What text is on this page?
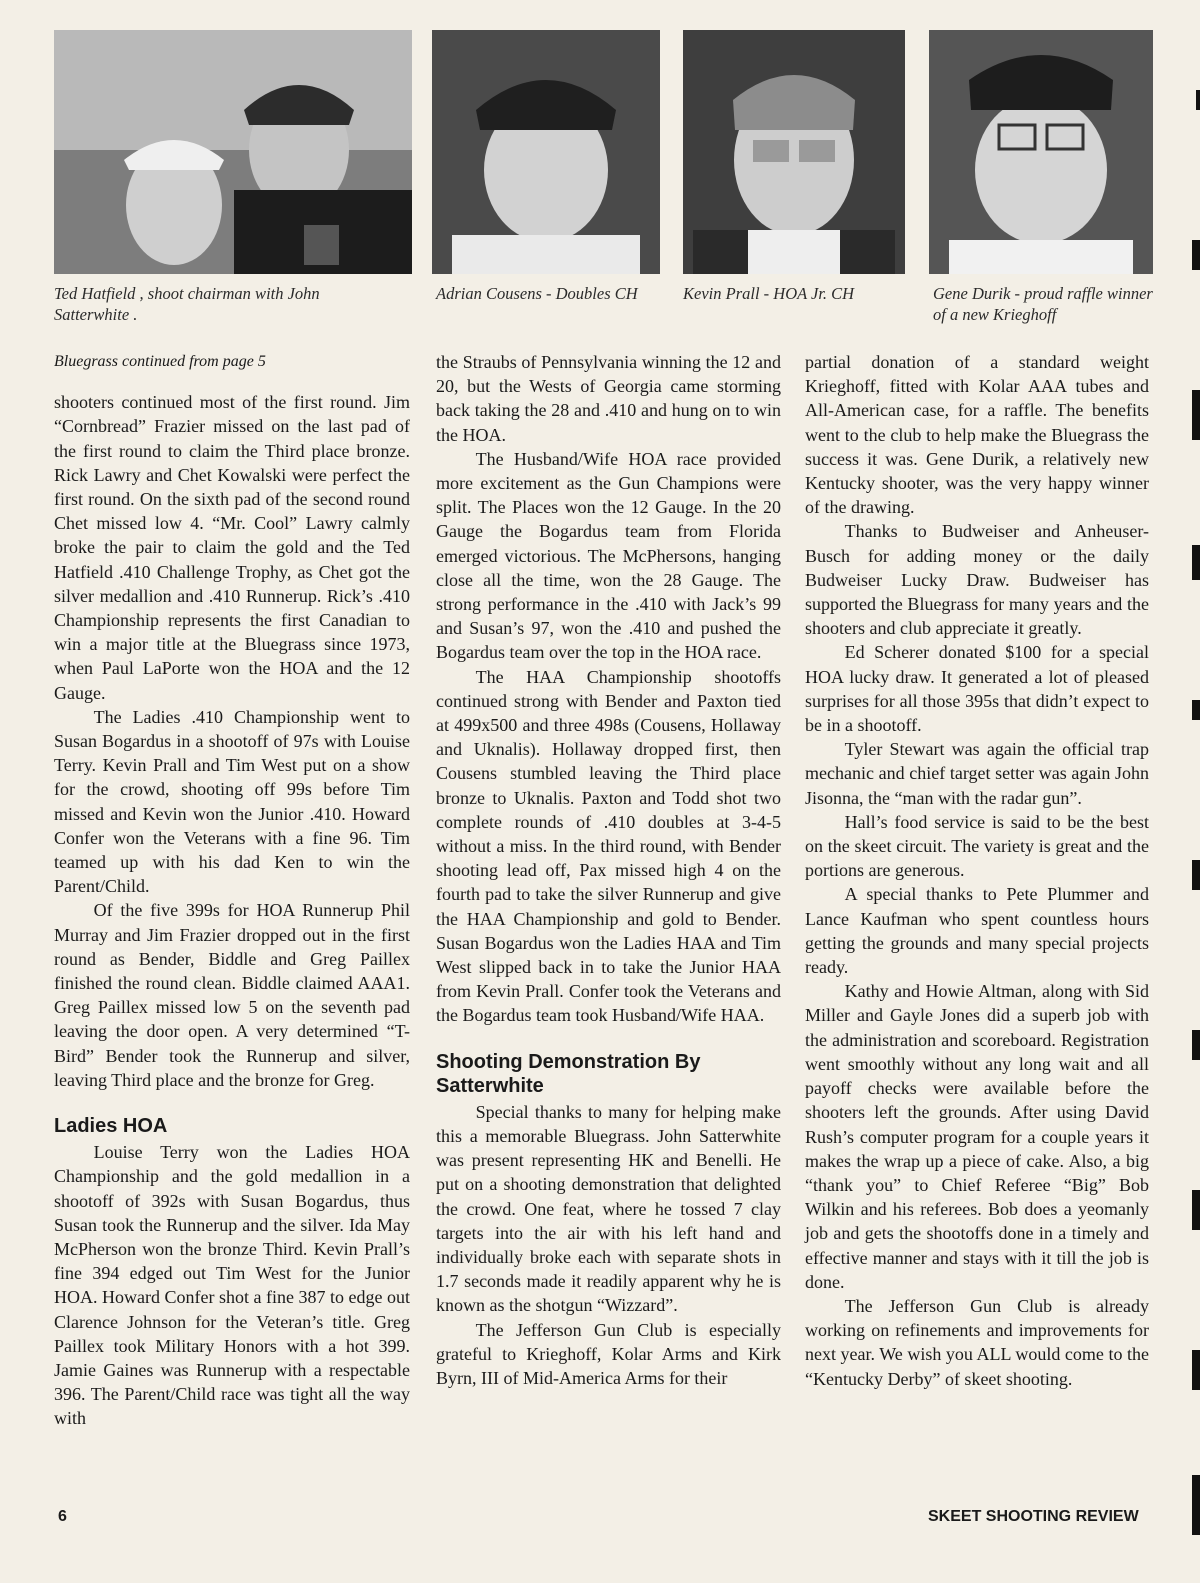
Ted Hatfield , shoot chairman with John Satterwhite .
Adrian Cousens - Doubles CH	Kevin Prall - HOA Jr. CH	Gene Durik - proud raffle winner of a new Krieghoff
Bluegrass continued from page 5

shooters continued most of the first round. Jim “Cornbread” Frazier missed on the last pad of the first round to claim the Third place bronze. Rick Lawry and Chet Kowalski were perfect the first round. On the sixth pad of the second round Chet missed low 4. “Mr. Cool” Lawry calmly broke the pair to claim the gold and the Ted Hatfield .410 Challenge Trophy, as Chet got the silver medallion and .410 Runnerup. Rick’s .410 Championship represents the first Canadian to win a major title at the Bluegrass since 1973, when Paul LaPorte won the HOA and the 12 Gauge.

The Ladies .410 Championship went to Susan Bogardus in a shootoff of 97s with Louise Terry. Kevin Prall and Tim West put on a show for the crowd, shooting off 99s before Tim missed and Kevin won the Junior .410. Howard Confer won the Veterans with a fine 96. Tim teamed up with his dad Ken to win the Parent/Child.

Of the five 399s for HOA Runnerup Phil Murray and Jim Frazier dropped out in the first round as Bender, Biddle and Greg Paillex finished the round clean. Biddle claimed AAA1. Greg Paillex missed low 5 on the seventh pad leaving the door open. A very determined “T-Bird” Bender took the Runnerup and silver, leaving Third place and the bronze for Greg.

Ladies HOA

Louise Terry won the Ladies HOA Championship and the gold medallion in a shootoff of 392s with Susan Bogardus, thus Susan took the Runnerup and the silver. Ida May McPherson won the bronze Third. Kevin Prall’s fine 394 edged out Tim West for the Junior HOA. Howard Confer shot a fine 387 to edge out Clarence Johnson for the Veteran’s title. Greg Paillex took Military Honors with a hot 399. Jamie Gaines was Runnerup with a respectable 396. The Parent/Child race was tight all the way with

the Straubs of Pennsylvania winning the 12 and 20, but the Wests of Georgia came storming back taking the 28 and .410 and hung on to win the HOA.

The Husband/Wife HOA race provided more excitement as the Gun Champions were split. The Places won the 12 Gauge. In the 20 Gauge the Bogardus team from Florida emerged victorious. The McPhersons, hanging close all the time, won the 28 Gauge. The strong performance in the .410 with Jack’s 99 and Susan’s 97, won the .410 and pushed the Bogardus team over the top in the HOA race.

The HAA Championship shootoffs continued strong with Bender and Paxton tied at 499x500 and three 498s (Cousens, Hollaway and Uknalis). Hollaway dropped first, then Cousens stumbled leaving the Third place bronze to Uknalis. Paxton and Todd shot two complete rounds of .410 doubles at 3-4-5 without a miss. In the third round, with Bender shooting lead off, Pax missed high 4 on the fourth pad to take the silver Runnerup and give the HAA Championship and gold to Bender. Susan Bogardus won the Ladies HAA and Tim West slipped back in to take the Junior HAA from Kevin Prall. Confer took the Veterans and the Bogardus team took Husband/Wife HAA.

Shooting Demonstration By Satterwhite

Special thanks to many for helping make this a memorable Bluegrass. John Satterwhite was present representing HK and Benelli. He put on a shooting demonstration that delighted the crowd. One feat, where he tossed 7 clay targets into the air with his left hand and individually broke each with separate shots in 1.7 seconds made it readily apparent why he is known as the shotgun “Wizzard”.

The Jefferson Gun Club is especially grateful to Krieghoff, Kolar Arms and Kirk Byrn, III of Mid-America Arms for their

partial donation of a standard weight Krieghoff, fitted with Kolar AAA tubes and All-American case, for a raffle. The benefits went to the club to help make the Bluegrass the success it was. Gene Durik, a relatively new Kentucky shooter, was the very happy winner of the drawing.

Thanks to Budweiser and Anheuser-Busch for adding money or the daily Budweiser Lucky Draw. Budweiser has supported the Bluegrass for many years and the shooters and club appreciate it greatly.

Ed Scherer donated $100 for a special HOA lucky draw. It generated a lot of pleased surprises for all those 395s that didn’t expect to be in a shootoff.

Tyler Stewart was again the official trap mechanic and chief target setter was again John Jisonna, the “man with the radar gun”.

Hall’s food service is said to be the best on the skeet circuit. The variety is great and the portions are generous.

A special thanks to Pete Plummer and Lance Kaufman who spent countless hours getting the grounds and many special projects ready.

Kathy and Howie Altman, along with Sid Miller and Gayle Jones did a superb job with the administration and scoreboard. Registration went smoothly without any long wait and all payoff checks were available before the shooters left the grounds. After using David Rush’s computer program for a couple years it makes the wrap up a piece of cake. Also, a big “thank you” to Chief Referee “Big” Bob Wilkin and his referees. Bob does a yeomanly job and gets the shootoffs done in a timely and effective manner and stays with it till the job is done.

The Jefferson Gun Club is already working on refinements and improvements for next year. We wish you ALL would come to the “Kentucky Derby” of skeet shooting.

6	SKEET SHOOTING REVIEW
